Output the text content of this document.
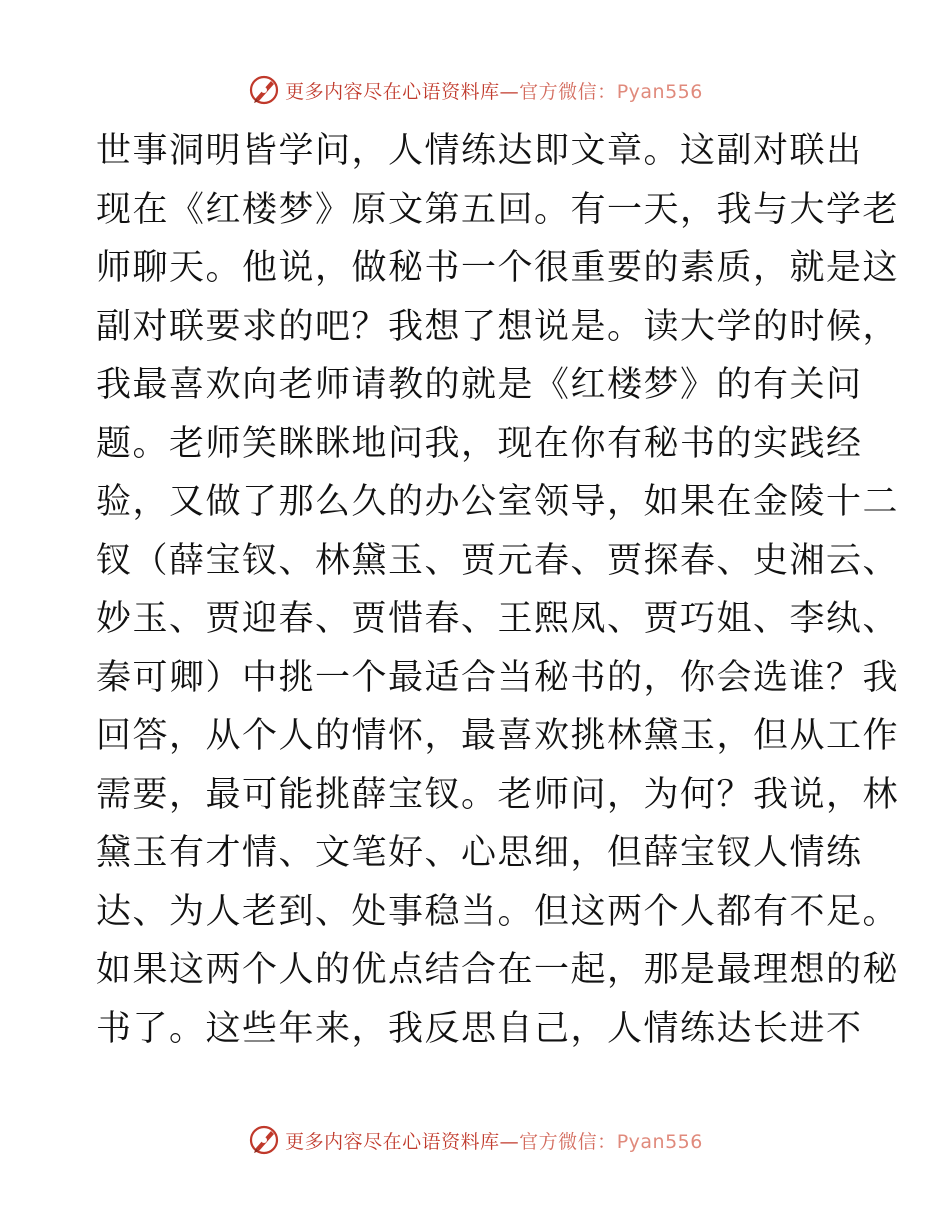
更多内容尽在心语资料库—官方微信：Pyan556
世事洞明皆学问，人情练达即文章。这副对联出
现在《红楼梦》原文第五回。有一天，我与大学老
师聊天。他说，做秘书一个很重要的素质，就是这
副对联要求的吧？我想了想说是。读大学的时候，
我最喜欢向老师请教的就是《红楼梦》的有关问
题。老师笑眯眯地问我，现在你有秘书的实践经
验，又做了那么久的办公室领导，如果在金陵十二
钗（薛宝钗、林黛玉、贾元春、贾探春、史湘云、
妙玉、贾迎春、贾惜春、王熙凤、贾巧姐、李纨、
秦可卿）中挑一个最适合当秘书的，你会选谁？我
回答，从个人的情怀，最喜欢挑林黛玉，但从工作
需要，最可能挑薛宝钗。老师问，为何？我说，林
黛玉有才情、文笔好、心思细，但薛宝钗人情练
达、为人老到、处事稳当。但这两个人都有不足。
如果这两个人的优点结合在一起，那是最理想的秘
书了。这些年来，我反思自己，人情练达长进不
更多内容尽在心语资料库—官方微信：Pyan556
